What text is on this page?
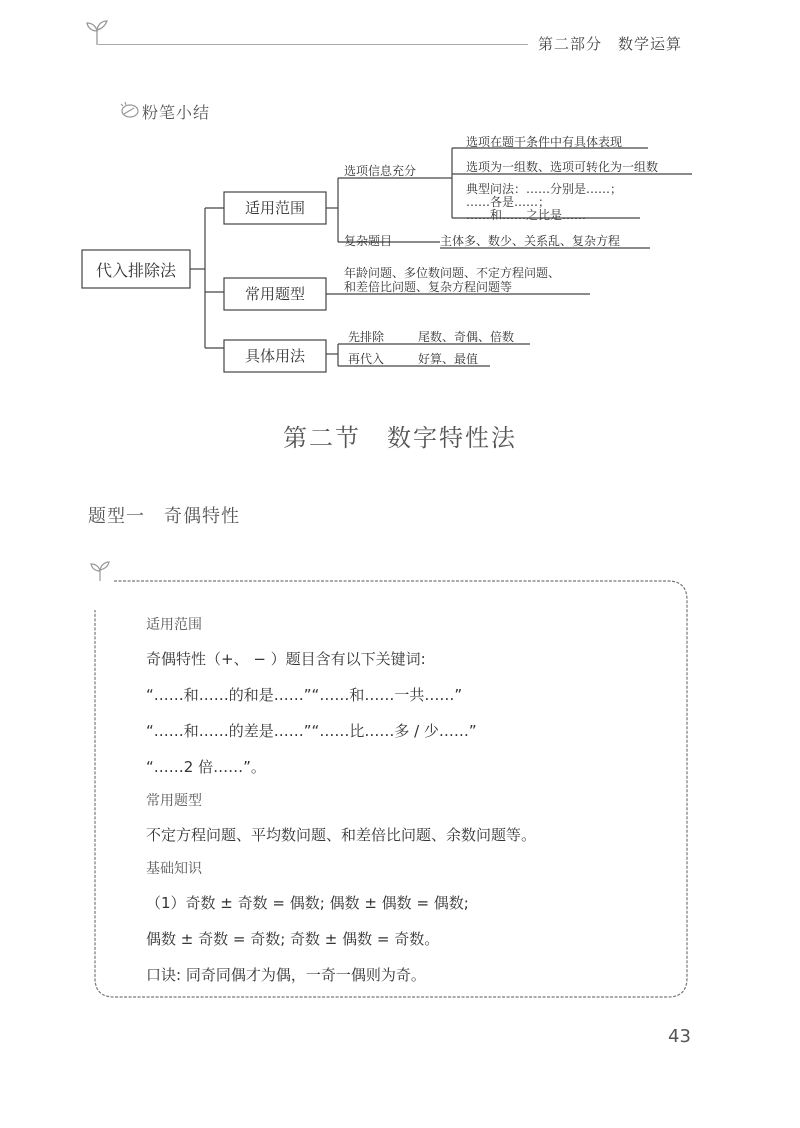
第二部分　数学运算
粉笔小结
代入排除法
适用范围
常用题型
具体用法
选项信息充分
选项在题干条件中有具体表现
选项为一组数、选项可转化为一组数
典型问法：……分别是……；
……各是……；
……和……之比是……
复杂题目	主体多、数少、关系乱、复杂方程
年龄问题、多位数问题、不定方程问题、
和差倍比问题、复杂方程问题等
先排除	尾数、奇偶、倍数
再代入	好算、最值
第二节　数字特性法
题型一　奇偶特性
适用范围
奇偶特性（+、 − ）题目含有以下关键词:
“……和……的和是……”“……和……一共……”
“……和……的差是……”“……比……多 / 少……”
“……2 倍……”。
常用题型
不定方程问题、平均数问题、和差倍比问题、余数问题等。
基础知识
（1）奇数 ± 奇数 = 偶数; 偶数 ± 偶数 = 偶数;
偶数 ± 奇数 = 奇数; 奇数 ± 偶数 = 奇数。
口诀: 同奇同偶才为偶，一奇一偶则为奇。
43
